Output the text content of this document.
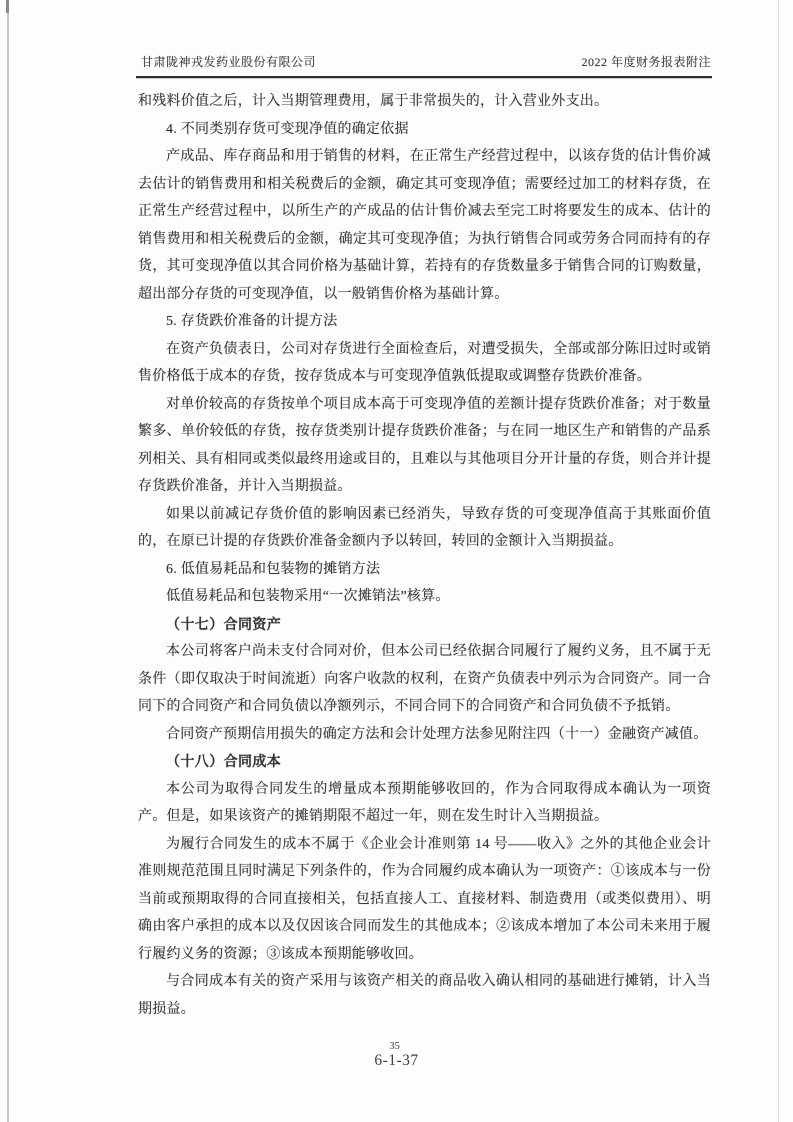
甘肃陇神戎发药业股份有限公司	2022 年度财务报表附注

和残料价值之后，计入当期管理费用，属于非常损失的，计入营业外支出。

4. 不同类别存货可变现净值的确定依据

产成品、库存商品和用于销售的材料，在正常生产经营过程中，以该存货的估计售价减去估计的销售费用和相关税费后的金额，确定其可变现净值；需要经过加工的材料存货，在正常生产经营过程中，以所生产的产成品的估计售价减去至完工时将要发生的成本、估计的销售费用和相关税费后的金额，确定其可变现净值；为执行销售合同或劳务合同而持有的存货，其可变现净值以其合同价格为基础计算，若持有的存货数量多于销售合同的订购数量，超出部分存货的可变现净值，以一般销售价格为基础计算。

5. 存货跌价准备的计提方法

在资产负债表日，公司对存货进行全面检查后，对遭受损失，全部或部分陈旧过时或销售价格低于成本的存货，按存货成本与可变现净值孰低提取或调整存货跌价准备。

对单价较高的存货按单个项目成本高于可变现净值的差额计提存货跌价准备；对于数量繁多、单价较低的存货，按存货类别计提存货跌价准备；与在同一地区生产和销售的产品系列相关、具有相同或类似最终用途或目的，且难以与其他项目分开计量的存货，则合并计提存货跌价准备，并计入当期损益。

如果以前减记存货价值的影响因素已经消失，导致存货的可变现净值高于其账面价值的，在原已计提的存货跌价准备金额内予以转回，转回的金额计入当期损益。

6. 低值易耗品和包装物的摊销方法

低值易耗品和包装物采用“一次摊销法”核算。

（十七）合同资产

本公司将客户尚未支付合同对价，但本公司已经依据合同履行了履约义务，且不属于无条件（即仅取决于时间流逝）向客户收款的权利，在资产负债表中列示为合同资产。同一合同下的合同资产和合同负债以净额列示，不同合同下的合同资产和合同负债不予抵销。

合同资产预期信用损失的确定方法和会计处理方法参见附注四（十一）金融资产减值。

（十八）合同成本

本公司为取得合同发生的增量成本预期能够收回的，作为合同取得成本确认为一项资产。但是，如果该资产的摊销期限不超过一年，则在发生时计入当期损益。

为履行合同发生的成本不属于《企业会计准则第 14 号——收入》之外的其他企业会计准则规范范围且同时满足下列条件的，作为合同履约成本确认为一项资产：①该成本与一份当前或预期取得的合同直接相关，包括直接人工、直接材料、制造费用（或类似费用）、明确由客户承担的成本以及仅因该合同而发生的其他成本；②该成本增加了本公司未来用于履行履约义务的资源；③该成本预期能够收回。

与合同成本有关的资产采用与该资产相关的商品收入确认相同的基础进行摊销，计入当期损益。

35
6-1-37
